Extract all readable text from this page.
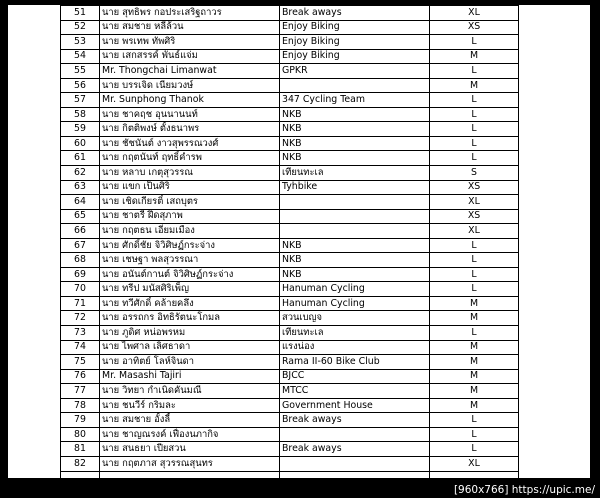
51	นาย สุทธิพร กอประเสริฐถาวร	Break aways	XL
52	นาย สมชาย หลีล้วน	Enjoy Biking	XS
53	นาย พรเทพ ทัพศิริ	Enjoy Biking	L
54	นาย เสกสรรค์ พันธ์แจ่ม	Enjoy Biking	M
55	Mr. Thongchai Limanwat	GPKR	L
56	นาย บรรเจิด เนียมวงษ์		M
57	Mr. Sunphong Thanok	347 Cycling Team	L
58	นาย ชาคฤช อุนนานนท์	NKB	L
59	นาย กิตติพงษ์ ตั้งธนาพร	NKB	L
60	นาย ชัชนันต์ งาวสุพรรณวงศ์	NKB	L
61	นาย กฤตนันท์ ฤทธิ์คำรพ	NKB	L
62	นาย หลาบ เกตุสุวรรณ	เทียนทะเล	S
63	นาย แขก เป็นศิริ	Tyhbike	XS
64	นาย เชิดเกียรติ์ เสถบุตร		XL
65	นาย ชาตรี ฝึดสุภาพ		XS
66	นาย กฤตธน เอี่ยมเมือง		XL
67	นาย ศักดิ์ชัย จิวิศิษฏ์กระจ่าง	NKB	L
68	นาย เชษฐา พลสุวรรณา	NKB	L
69	นาย อนันต์กานต์ จิวิศิษฏ์กระจ่าง	NKB	L
70	นาย ทรีป มนัสศิริเพ็ญ	Hanuman Cycling	L
71	นาย ทวีศักดิ์ คล้ายคลึง	Hanuman Cycling	M
72	นาย อรรถกร อิทธิรัตนะโกมล	สวนเบญจ	M
73	นาย ภูดิศ หน่อพรหม	เทียนทะเล	L
74	นาย ไพศาล เลิศธาดา	แรงน่อง	M
75	นาย อาทิตย์ โลห์จินดา	Rama II-60 Bike Club	M
76	Mr. Masashi Tajiri	BJCC	M
77	นาย วิทยา กำเนิดคันมณี	MTCC	M
78	นาย ชนวีร์ กริมละ	Government House	M
79	นาย สมชาย อั้งลี้	Break aways	L
80	นาย ชาญณรงค์ เฟื่องนภากิจ		L
81	นาย สนธยา เปียสวน	Break aways	L
82	นาย กฤตภาส สุวรรณสุนทร		XL

[960x766] https://upic.me/
